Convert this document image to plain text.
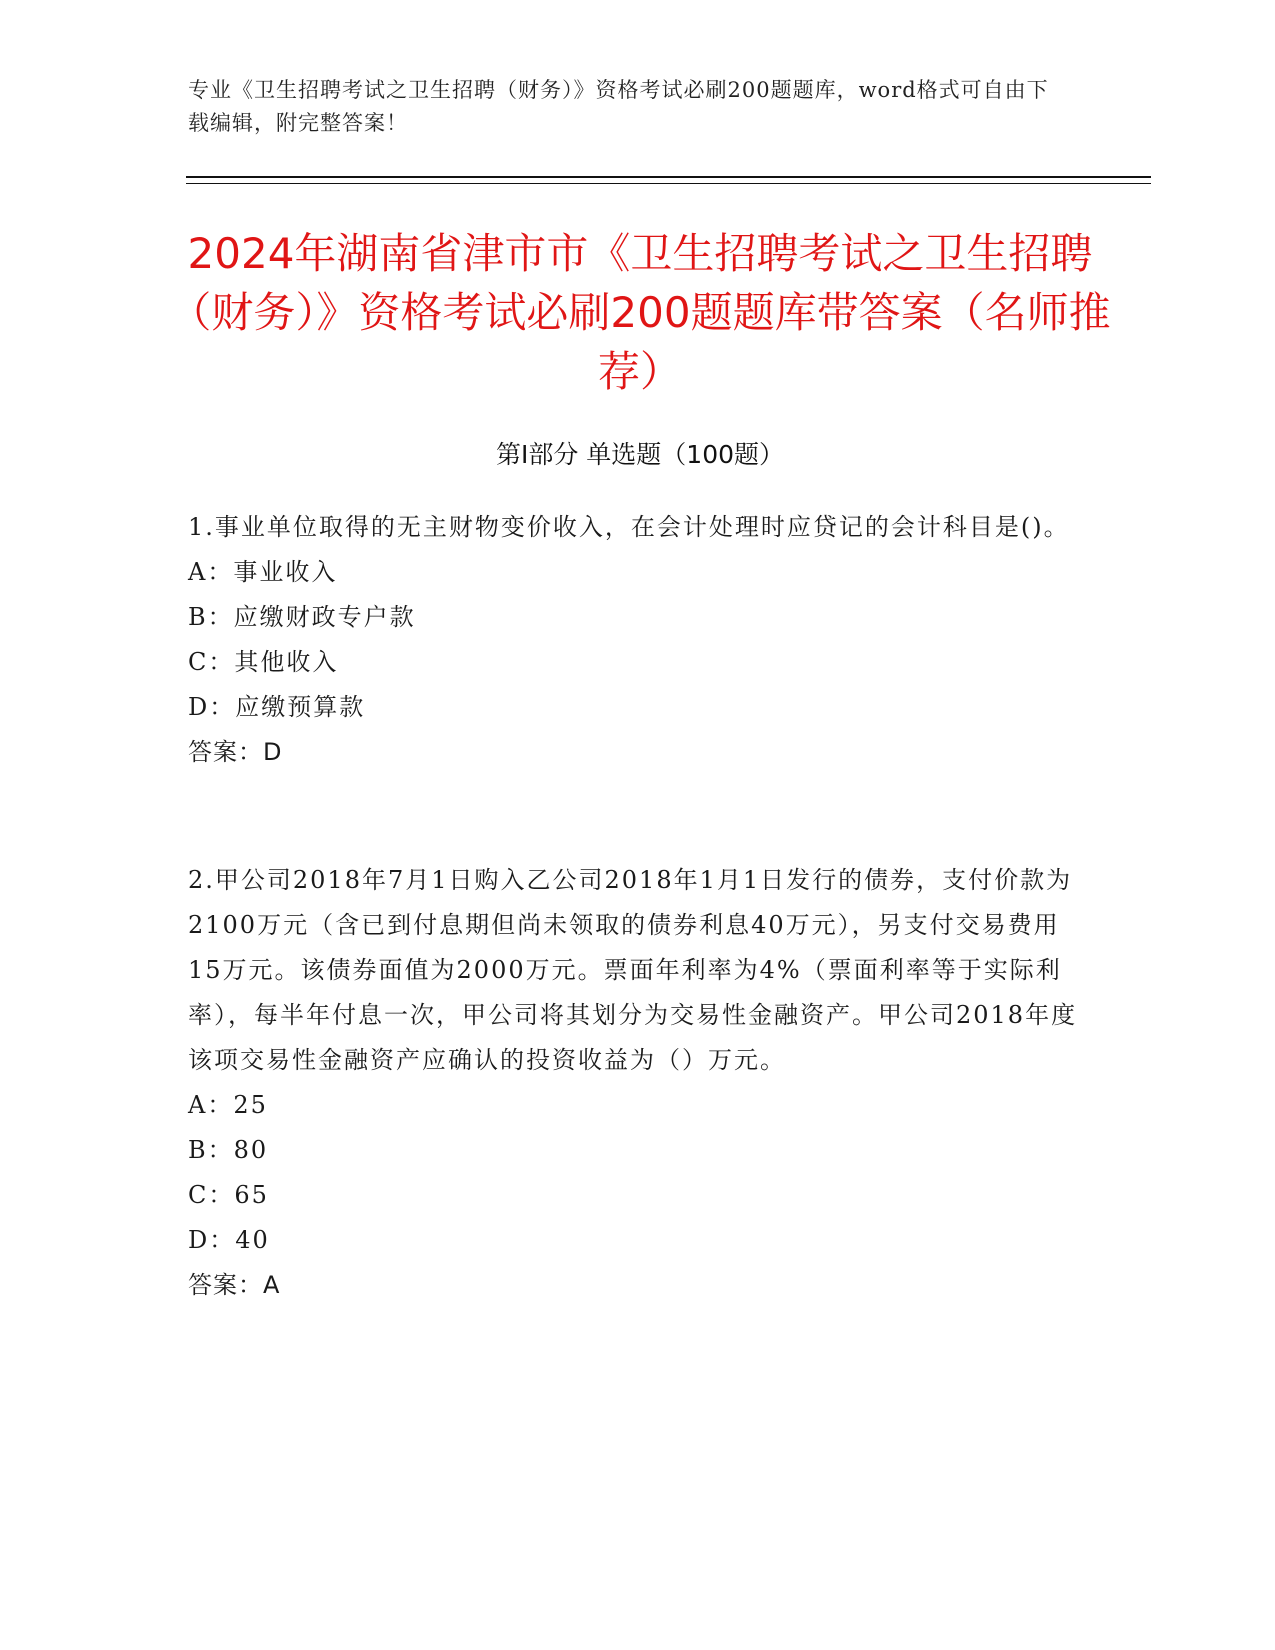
专业《卫生招聘考试之卫生招聘（财务）》资格考试必刷200题题库，word格式可自由下载编辑，附完整答案！
2024年湖南省津市市《卫生招聘考试之卫生招聘（财务）》资格考试必刷200题题库带答案（名师推荐）
第I部分 单选题（100题）

1.事业单位取得的无主财物变价收入，在会计处理时应贷记的会计科目是()。

A：事业收入

B：应缴财政专户款

C：其他收入

D：应缴预算款

答案：D

2.甲公司2018年7月1日购入乙公司2018年1月1日发行的债券，支付价款为2100万元（含已到付息期但尚未领取的债券利息40万元），另支付交易费用15万元。该债券面值为2000万元。票面年利率为4%（票面利率等于实际利率），每半年付息一次，甲公司将其划分为交易性金融资产。甲公司2018年度该项交易性金融资产应确认的投资收益为（）万元。

A：25

B：80

C：65

D：40

答案：A
